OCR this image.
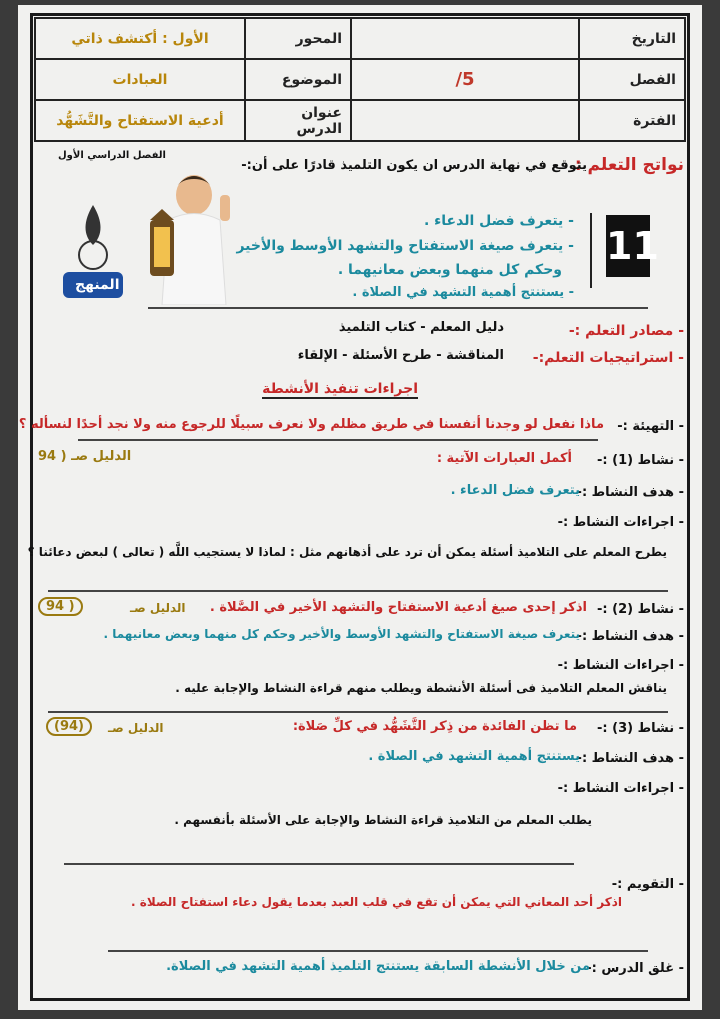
التاريخ		المحور	الأول : أكتشف ذاتي
الفصل	5/	الموضوع	العبادات
الفترة		عنوان الدرس	أدعية الاستفتاح والتَّشَهُّد
نواتج التعلم :
يتوقع في نهاية الدرس ان يكون التلميذ قادرًا على أن:-
الفصل الدراسي الأول
11
- يتعرف فضل الدعاء .
- يتعرف صيغة الاستفتاح والتشهد الأوسط والأخير
وحكم كل منهما وبعض معانيهما .
- يستنتج أهمية التشهد في الصلاة .
المنهج
- مصادر التعلم :-
دليل المعلم - كتاب التلميذ
- استراتيجيات التعلم:-
المناقشة - طرح الأسئلة - الإلقاء
اجراءات تنفيذ الأنشطة
- التهيئة :-
ماذا نفعل لو وجدنا أنفسنا في طريق مظلم ولا نعرف سبيلًا للرجوع منه ولا نجد أحدًا لنسأله ؟
- نشاط (1) :-
أكمل العبارات الآتية :
الدليل صـ ( 94
- هدف النشاط :-
يتعرف فضل الدعاء .
- اجراءات النشاط :-
يطرح المعلم على التلاميذ أسئلة يمكن أن ترد على أذهانهم مثل : لماذا لا يستجيب اللَّه ( تعالى ) لبعض دعائنا ؟
- نشاط (2) :-
اذكر إحدى صيغ أدعية الاستفتاح والتشهد الأخير في الصَّلاة .
الدليل صـ
( 94
- هدف النشاط :-
يتعرف صيغة الاستفتاح والتشهد الأوسط والأخير وحكم كل منهما وبعض معانيهما .
- اجراءات النشاط :-
يناقش المعلم التلاميذ فى أسئلة الأنشطة ويطلب منهم قراءة النشاط والإجابة عليه .
- نشاط (3) :-
ما تظن الفائدة من ذِكر التَّشَهُّد في كلِّ صَلاة:
الدليل صـ
(94)
- هدف النشاط :-
يستنتج أهمية التشهد في الصلاة .
- اجراءات النشاط :-
يطلب المعلم من التلاميذ قراءة النشاط والإجابة على الأسئلة بأنفسهم .
- التقويم :-
اذكر أحد المعاني التي يمكن أن تقع في قلب العبد بعدما يقول دعاء استفتاح الصلاة .
- غلق الدرس :-
من خلال الأنشطة السابقة يستنتج التلميذ أهمية التشهد في الصلاة.
